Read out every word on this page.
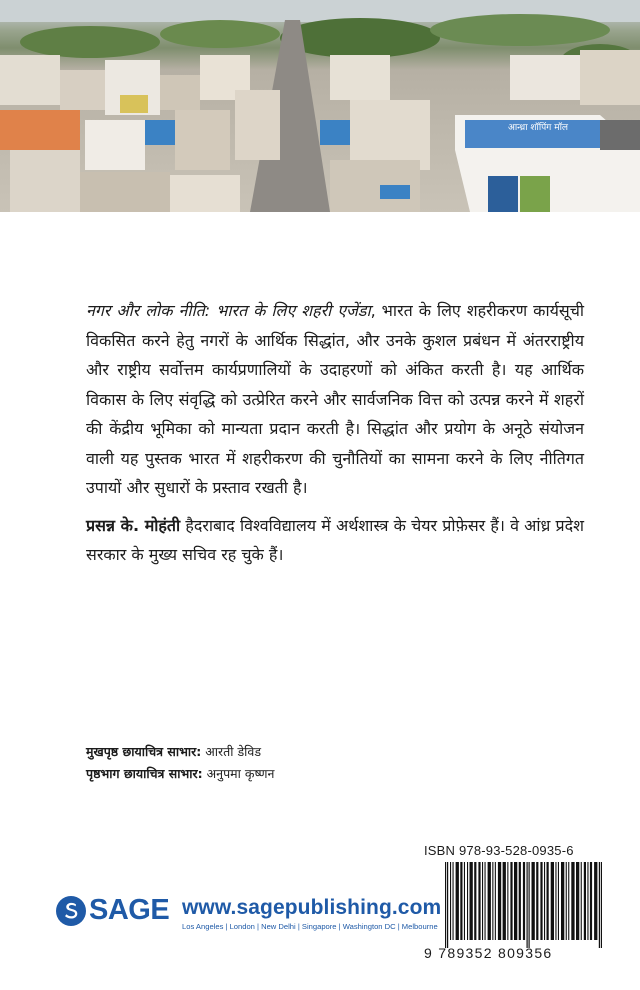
आन्ध्रा शॉपिंग मॉल

नगर और लोक नीति: भारत के लिए शहरी एजेंडा, भारत के लिए शहरीकरण कार्यसूची विकसित करने हेतु नगरों के आर्थिक सिद्धांत, और उनके कुशल प्रबंधन में अंतरराष्ट्रीय और राष्ट्रीय सर्वोत्तम कार्यप्रणालियों के उदाहरणों को अंकित करती है। यह आर्थिक विकास के लिए संवृद्धि को उत्प्रेरित करने और सार्वजनिक वित्त को उत्पन्न करने में शहरों की केंद्रीय भूमिका को मान्यता प्रदान करती है। सिद्धांत और प्रयोग के अनूठे संयोजन वाली यह पुस्तक भारत में शहरीकरण की चुनौतियों का सामना करने के लिए नीतिगत उपायों और सुधारों के प्रस्ताव रखती है।

प्रसन्न के. मोहंती हैदराबाद विश्वविद्यालय में अर्थशास्त्र के चेयर प्रोफ़ेसर हैं। वे आंध्र प्रदेश सरकार के मुख्य सचिव रह चुके हैं।

मुखपृष्ठ छायाचित्र साभार: आरती डेविड
पृष्ठभाग छायाचित्र साभार: अनुपमा कृष्णन
ISBN 978-93-528-0935-6
9 789352 809356
SAGE www.sagepublishing.com
Los Angeles | London | New Delhi | Singapore | Washington DC | Melbourne
